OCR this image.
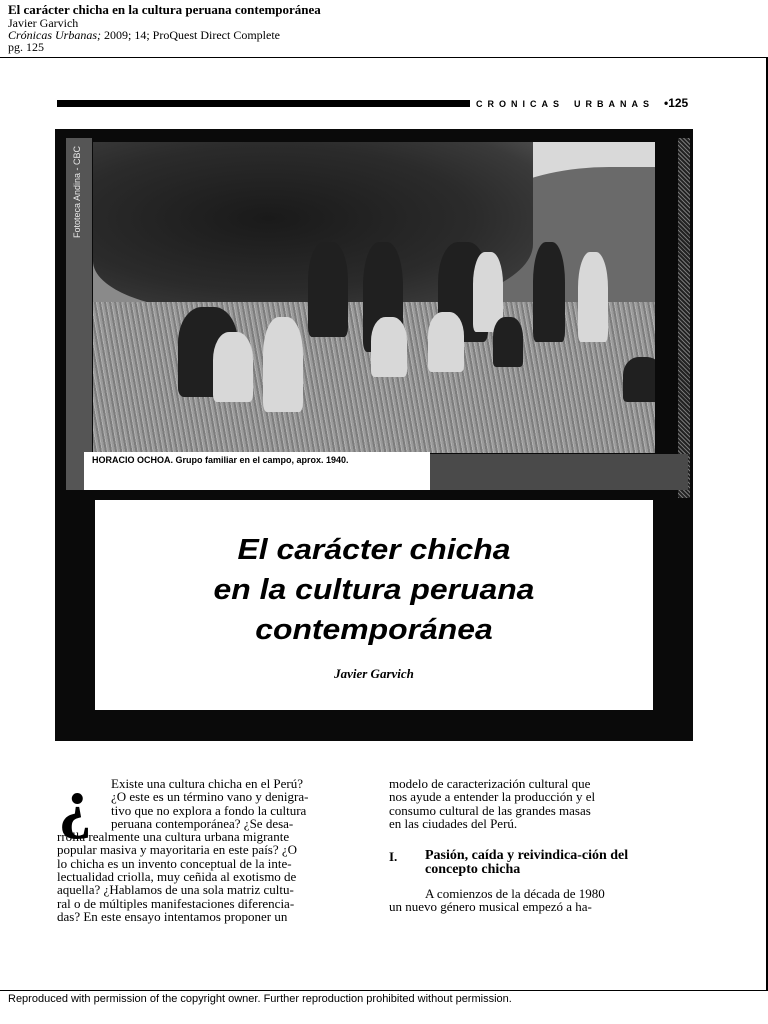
El carácter chicha en la cultura peruana contemporánea
Javier Garvich
Crónicas Urbanas; 2009; 14; ProQuest Direct Complete
pg. 125
CRONICAS URBANAS •125
Fototeca Andina - CBC
HORACIO OCHOA. Grupo familiar en el campo, aprox. 1940.
El carácter chicha
en la cultura peruana
contemporánea
Javier Garvich
¿	Existe una cultura chicha en el Perú?
¿O este es un término vano y denigra-
tivo que no explora a fondo la cultura
peruana contemporánea? ¿Se desa-
rrolla realmente una cultura urbana migrante
popular masiva y mayoritaria en este país? ¿O
lo chicha es un invento conceptual de la inte-
lectualidad criolla, muy ceñida al exotismo de
aquella? ¿Hablamos de una sola matriz cultu-
ral o de múltiples manifestaciones diferencia-
das? En este ensayo intentamos proponer un
modelo de caracterización cultural que
nos ayude a entender la producción y el
consumo cultural de las grandes masas
en las ciudades del Perú.
I. Pasión, caída y reivindica-ción del concepto chicha
A comienzos de la década de 1980
un nuevo género musical empezó a ha-
Reproduced with permission of the copyright owner. Further reproduction prohibited without permission.
